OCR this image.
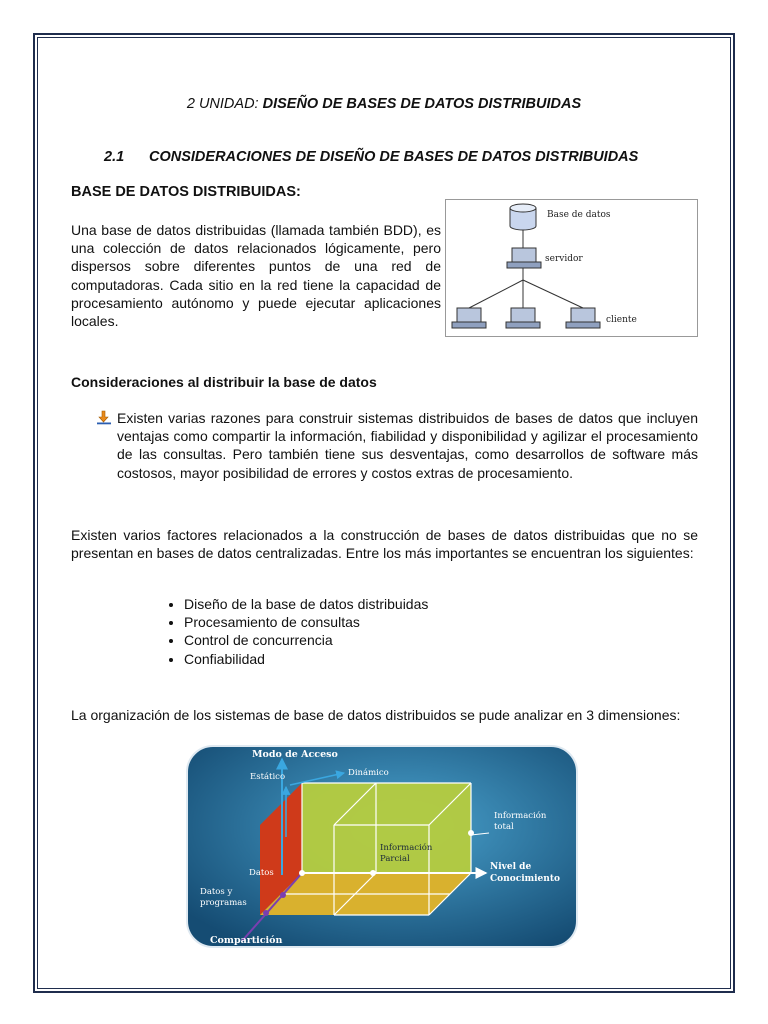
2 UNIDAD: DISEÑO DE BASES DE DATOS DISTRIBUIDAS
2.1 CONSIDERACIONES DE DISEÑO DE BASES DE DATOS DISTRIBUIDAS
BASE DE DATOS DISTRIBUIDAS:
Una base de datos distribuidas (llamada también BDD), es una colección de datos relacionados lógicamente, pero dispersos sobre diferentes puntos de una red de computadoras. Cada sitio en la red tiene la capacidad de procesamiento autónomo y puede ejecutar aplicaciones locales.
Base de datos
servidor
cliente
Consideraciones al distribuir la base de datos
Existen varias razones para construir sistemas distribuidos de bases de datos que incluyen ventajas como compartir la información, fiabilidad y disponibilidad y agilizar el procesamiento de las consultas. Pero también tiene sus desventajas, como desarrollos de software más costosos, mayor posibilidad de errores y costos extras de procesamiento.
Existen varios factores relacionados a la construcción de bases de datos distribuidas que no se presentan en bases de datos centralizadas. Entre los más importantes se encuentran los siguientes:
• Diseño de la base de datos distribuidas
• Procesamiento de consultas
• Control de concurrencia
• Confiabilidad
La organización de los sistemas de base de datos distribuidos se pude analizar en 3 dimensiones:
Modo de Acceso
Estático	Dinámico
Información
total
Información
Parcial
Nivel de
Conocimiento
Datos
Datos y
programas
Compartición
